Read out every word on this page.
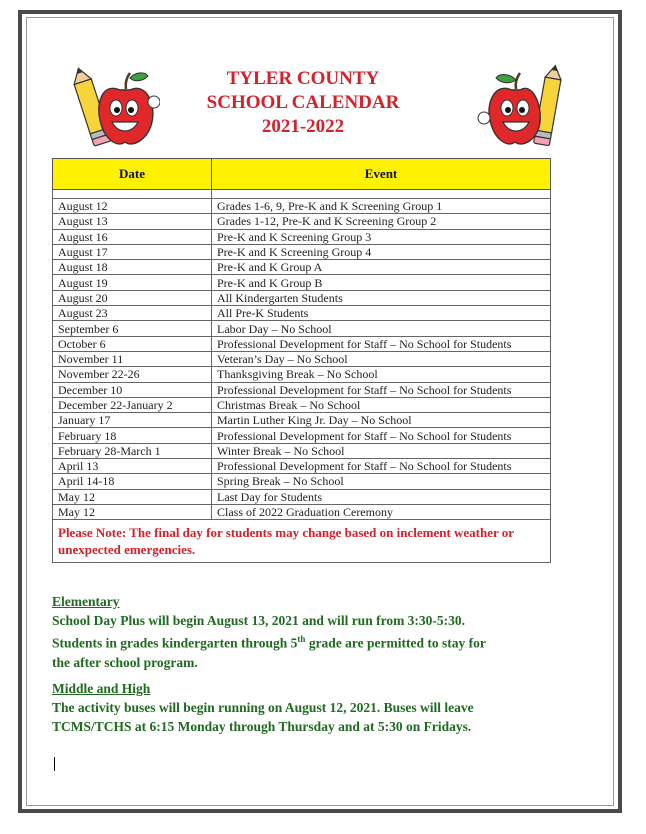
TYLER COUNTY
SCHOOL CALENDAR
2021-2022
Date	Event

August 12	Grades 1-6, 9, Pre-K and K Screening Group 1
August 13	Grades 1-12, Pre-K and K Screening Group 2
August 16	Pre-K and K Screening Group 3
August 17	Pre-K and K Screening Group 4
August 18	Pre-K and K Group A
August 19	Pre-K and K Group B
August 20	All Kindergarten Students
August 23	All Pre-K Students
September 6	Labor Day – No School
October 6	Professional Development for Staff – No School for Students
November 11	Veteran’s Day – No School
November 22-26	Thanksgiving Break – No School
December 10	Professional Development for Staff – No School for Students
December 22-January 2	Christmas Break – No School
January 17	Martin Luther King Jr. Day – No School
February 18	Professional Development for Staff – No School for Students
February 28-March 1	Winter Break – No School
April 13	Professional Development for Staff – No School for Students
April 14-18	Spring Break – No School
May 12	Last Day for Students
May 12	Class of 2022 Graduation Ceremony
Please Note: The final day for students may change based on inclement weather or unexpected emergencies.	
Elementary
School Day Plus will begin August 13, 2021 and will run from 3:30-5:30.
Students in grades kindergarten through 5th grade are permitted to stay for
the after school program.
Middle and High
The activity buses will begin running on August 12, 2021. Buses will leave
TCMS/TCHS at 6:15 Monday through Thursday and at 5:30 on Fridays.
